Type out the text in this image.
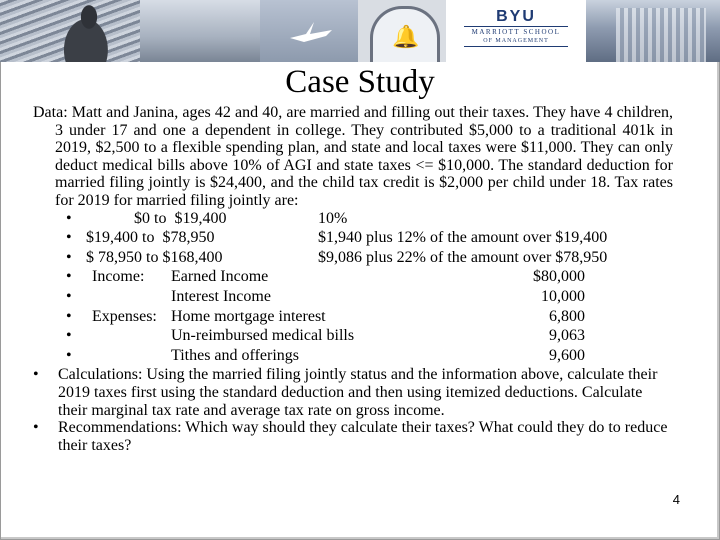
🔔
BYU
MARRIOTT SCHOOL
OF MANAGEMENT
Case Study

Data: Matt and Janina, ages 42 and 40, are married and filling out their taxes. They have 4 children, 3 under 17 and one a dependent in college. They contributed $5,000 to a traditional 401k in 2019, $2,500 to a flexible spending plan, and state and local taxes were $11,000. They can only deduct medical bills above 10% of AGI and state taxes <= $10,000. The standard deduction for married filing jointly is $24,400, and the child tax credit is $2,000 per child under 18. Tax rates for 2019 for married filing jointly are:

•	$0 to  $19,400	10%
• $19,400 to  $78,950	$1,940 plus 12% of the amount over $19,400
• $ 78,950 to $168,400	$9,086 plus 22% of the amount over $78,950
• Income: Earned Income	$80,000
•	Interest Income	10,000
• Expenses: Home mortgage interest	6,800
•	Un-reimbursed medical bills	9,063
•	Tithes and offerings	9,600
• Calculations: Using the married filing jointly status and the information above, calculate their 2019 taxes first using the standard deduction and then using itemized deductions. Calculate their marginal tax rate and average tax rate on gross income.
• Recommendations: Which way should they calculate their taxes? What could they do to reduce their taxes?
4
